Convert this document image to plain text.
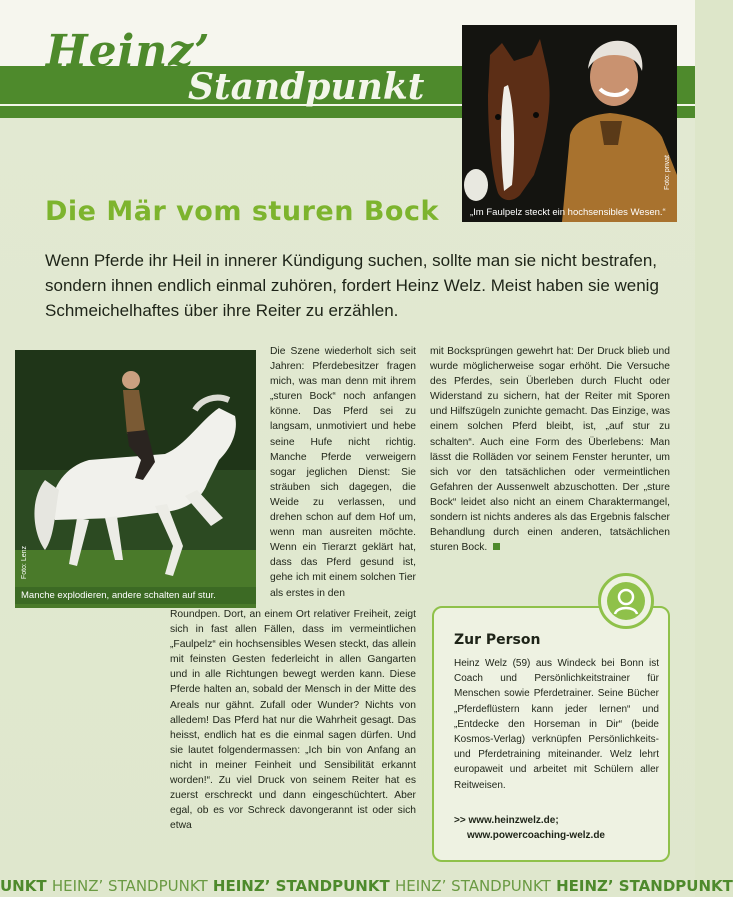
Heinz’
Standpunkt
Foto: privat
„Im Faulpelz steckt ein hochsensibles Wesen.“
Die Mär vom sturen Bock

Wenn Pferde ihr Heil in innerer Kündigung suchen, sollte man sie nicht bestrafen, sondern ihnen endlich einmal zuhören, fordert Heinz Welz. Meist haben sie wenig Schmeichelhaftes über ihre Reiter zu erzählen.

Foto: Lenz
Manche explodieren, andere schalten auf stur.
Die Szene wiederholt sich seit Jahren: Pferdebesitzer fragen mich, was man denn mit ihrem „sturen Bock“ noch anfangen könne. Das Pferd sei zu langsam, unmotiviert und hebe seine Hufe nicht richtig. Manche Pferde verweigern sogar jeglichen Dienst: Sie sträuben sich dagegen, die Weide zu verlassen, und drehen schon auf dem Hof um, wenn man ausreiten möchte. Wenn ein Tierarzt geklärt hat, dass das Pferd gesund ist, gehe ich mit einem solchen Tier als erstes in den
Roundpen. Dort, an einem Ort relativer Freiheit, zeigt sich in fast allen Fällen, dass im vermeintlichen „Faulpelz“ ein hochsensibles Wesen steckt, das allein mit feinsten Gesten federleicht in allen Gangarten und in alle Richtungen bewegt werden kann. Diese Pferde halten an, sobald der Mensch in der Mitte des Areals nur gähnt. Zufall oder Wunder? Nichts von alledem! Das Pferd hat nur die Wahrheit gesagt. Das heisst, endlich hat es die einmal sagen dürfen. Und sie lautet folgendermassen: „Ich bin von Anfang an nicht in meiner Feinheit und Sensibilität erkannt worden!“. Zu viel Druck von seinem Reiter hat es zuerst erschreckt und dann eingeschüchtert. Aber egal, ob es vor Schreck davongerannt ist oder sich etwa
mit Bocksprüngen gewehrt hat: Der Druck blieb und wurde möglicherweise sogar erhöht. Die Versuche des Pferdes, sein Überleben durch Flucht oder Widerstand zu sichern, hat der Reiter mit Sporen und Hilfszügeln zunichte gemacht. Das Einzige, was einem solchen Pferd bleibt, ist, „auf stur zu schalten“. Auch eine Form des Überlebens: Man lässt die Rolläden vor seinem Fenster herunter, um sich vor den tatsächlichen oder vermeintlichen Gefahren der Aussenwelt abzuschotten. Der „sture Bock“ leidet also nicht an einem Charaktermangel, sondern ist nichts anderes als das Ergebnis falscher Behandlung durch einen anderen, tatsächlichen sturen Bock.
Zur Person

Heinz Welz (59) aus Windeck bei Bonn ist Coach und Persönlichkeitstrainer für Menschen sowie Pferdetrainer. Seine Bücher „Pferdeflüstern kann jeder lernen“ und „Entdecke den Horseman in Dir“ (beide Kosmos-Verlag) verknüpfen Persönlichkeits- und Pferdetraining miteinander. Welz lehrt europaweit und arbeitet mit Schülern aller Reitweisen.

>> www.heinzwelz.de;
www.powercoaching-welz.de
UNKT HEINZ’ STANDPUNKT HEINZ’ STANDPUNKT HEINZ’ STANDPUNKT HEINZ’ STANDPUNKT
